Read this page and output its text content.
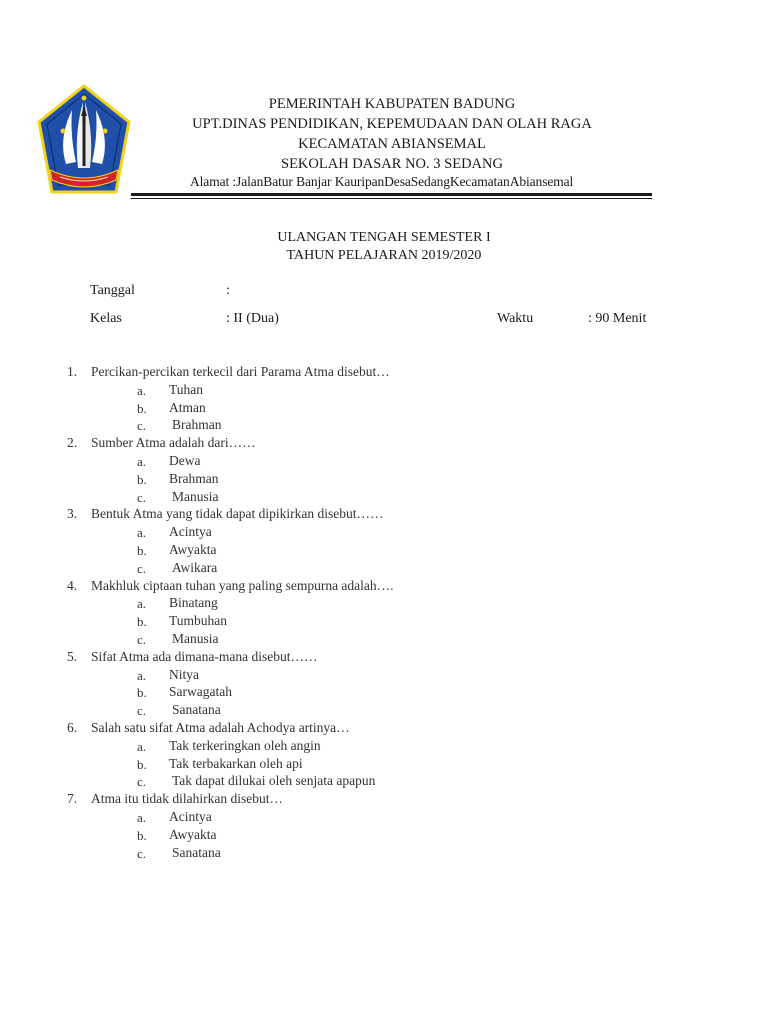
PEMERINTAH KABUPATEN BADUNG
UPT.DINAS PENDIDIKAN, KEPEMUDAAN DAN OLAH RAGA
KECAMATAN ABIANSEMAL
SEKOLAH DASAR NO. 3 SEDANG
Alamat :JalanBatur Banjar KauripanDesaSedangKecamatanAbiansemal
ULANGAN TENGAH SEMESTER I
TAHUN PELAJARAN 2019/2020
Tanggal	:
Kelas	: II (Dua)	Waktu	: 90 Menit
1. Percikan-percikan terkecil dari Parama Atma disebut…
a. Tuhan
b. Atman
c. Brahman
2. Sumber Atma adalah dari……
a. Dewa
b. Brahman
c. Manusia
3. Bentuk Atma yang tidak dapat dipikirkan disebut……
a. Acintya
b. Awyakta
c. Awikara
4. Makhluk ciptaan tuhan yang paling sempurna adalah….
a. Binatang
b. Tumbuhan
c. Manusia
5. Sifat Atma ada dimana-mana disebut……
a. Nitya
b. Sarwagatah
c. Sanatana
6. Salah satu sifat Atma adalah Achodya artinya…
a. Tak terkeringkan oleh angin
b. Tak terbakarkan oleh api
c. Tak dapat dilukai oleh senjata apapun
7. Atma itu tidak dilahirkan disebut…
a. Acintya
b. Awyakta
c. Sanatana
